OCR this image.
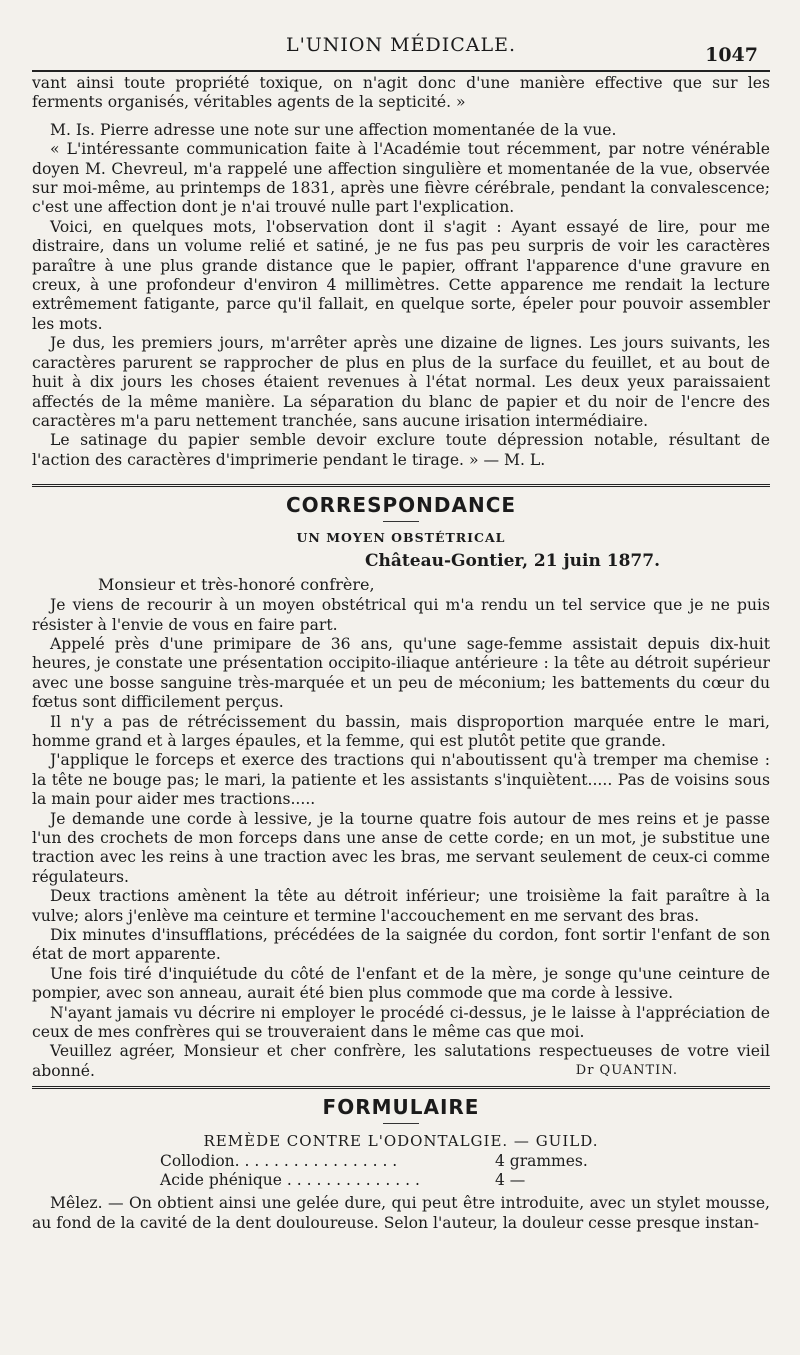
L'UNION MÉDICALE.	1047

vant ainsi toute propriété toxique, on n'agit donc d'une manière effective que sur les ferments organisés, véritables agents de la septicité. »

M. Is. Pierre adresse une note sur une affection momentanée de la vue.

« L'intéressante communication faite à l'Académie tout récemment, par notre vénérable doyen M. Chevreul, m'a rappelé une affection singulière et momentanée de la vue, observée sur moi-même, au printemps de 1831, après une fièvre cérébrale, pendant la convalescence; c'est une affection dont je n'ai trouvé nulle part l'explication.

Voici, en quelques mots, l'observation dont il s'agit : Ayant essayé de lire, pour me distraire, dans un volume relié et satiné, je ne fus pas peu surpris de voir les caractères paraître à une plus grande distance que le papier, offrant l'apparence d'une gravure en creux, à une profondeur d'environ 4 millimètres. Cette apparence me rendait la lecture extrêmement fatigante, parce qu'il fallait, en quelque sorte, épeler pour pouvoir assembler les mots.

Je dus, les premiers jours, m'arrêter après une dizaine de lignes. Les jours suivants, les caractères parurent se rapprocher de plus en plus de la surface du feuillet, et au bout de huit à dix jours les choses étaient revenues à l'état normal. Les deux yeux paraissaient affectés de la même manière. La séparation du blanc de papier et du noir de l'encre des caractères m'a paru nettement tranchée, sans aucune irisation intermédiaire.

Le satinage du papier semble devoir exclure toute dépression notable, résultant de l'action des caractères d'imprimerie pendant le tirage. » — M. L.

CORRESPONDANCE
UN MOYEN OBSTÉTRICAL
Château-Gontier, 21 juin 1877.
Monsieur et très-honoré confrère,

Je viens de recourir à un moyen obstétrical qui m'a rendu un tel service que je ne puis résister à l'envie de vous en faire part.

Appelé près d'une primipare de 36 ans, qu'une sage-femme assistait depuis dix-huit heures, je constate une présentation occipito-iliaque antérieure : la tête au détroit supérieur avec une bosse sanguine très-marquée et un peu de méconium; les battements du cœur du fœtus sont difficilement perçus.

Il n'y a pas de rétrécissement du bassin, mais disproportion marquée entre le mari, homme grand et à larges épaules, et la femme, qui est plutôt petite que grande.

J'applique le forceps et exerce des tractions qui n'aboutissent qu'à tremper ma chemise : la tête ne bouge pas; le mari, la patiente et les assistants s'inquiètent..... Pas de voisins sous la main pour aider mes tractions.....

Je demande une corde à lessive, je la tourne quatre fois autour de mes reins et je passe l'un des crochets de mon forceps dans une anse de cette corde; en un mot, je substitue une traction avec les reins à une traction avec les bras, me servant seulement de ceux-ci comme régulateurs.

Deux tractions amènent la tête au détroit inférieur; une troisième la fait paraître à la vulve; alors j'enlève ma ceinture et termine l'accouchement en me servant des bras.

Dix minutes d'insufflations, précédées de la saignée du cordon, font sortir l'enfant de son état de mort apparente.

Une fois tiré d'inquiétude du côté de l'enfant et de la mère, je songe qu'une ceinture de pompier, avec son anneau, aurait été bien plus commode que ma corde à lessive.

N'ayant jamais vu décrire ni employer le procédé ci-dessus, je le laisse à l'appréciation de ceux de mes confrères qui se trouveraient dans le même cas que moi.

Veuillez agréer, Monsieur et cher confrère, les salutations respectueuses de votre vieil abonné.	Dr QUANTIN.
FORMULAIRE
REMÈDE CONTRE L'ODONTALGIE. — GUILD.
Collodion. . . . . . . . . . . . . . . . .	4 grammes.
Acide phénique . . . . . . . . . . . . . .	4 —

Mêlez. — On obtient ainsi une gelée dure, qui peut être introduite, avec un stylet mousse, au fond de la cavité de la dent douloureuse. Selon l'auteur, la douleur cesse presque instan-
